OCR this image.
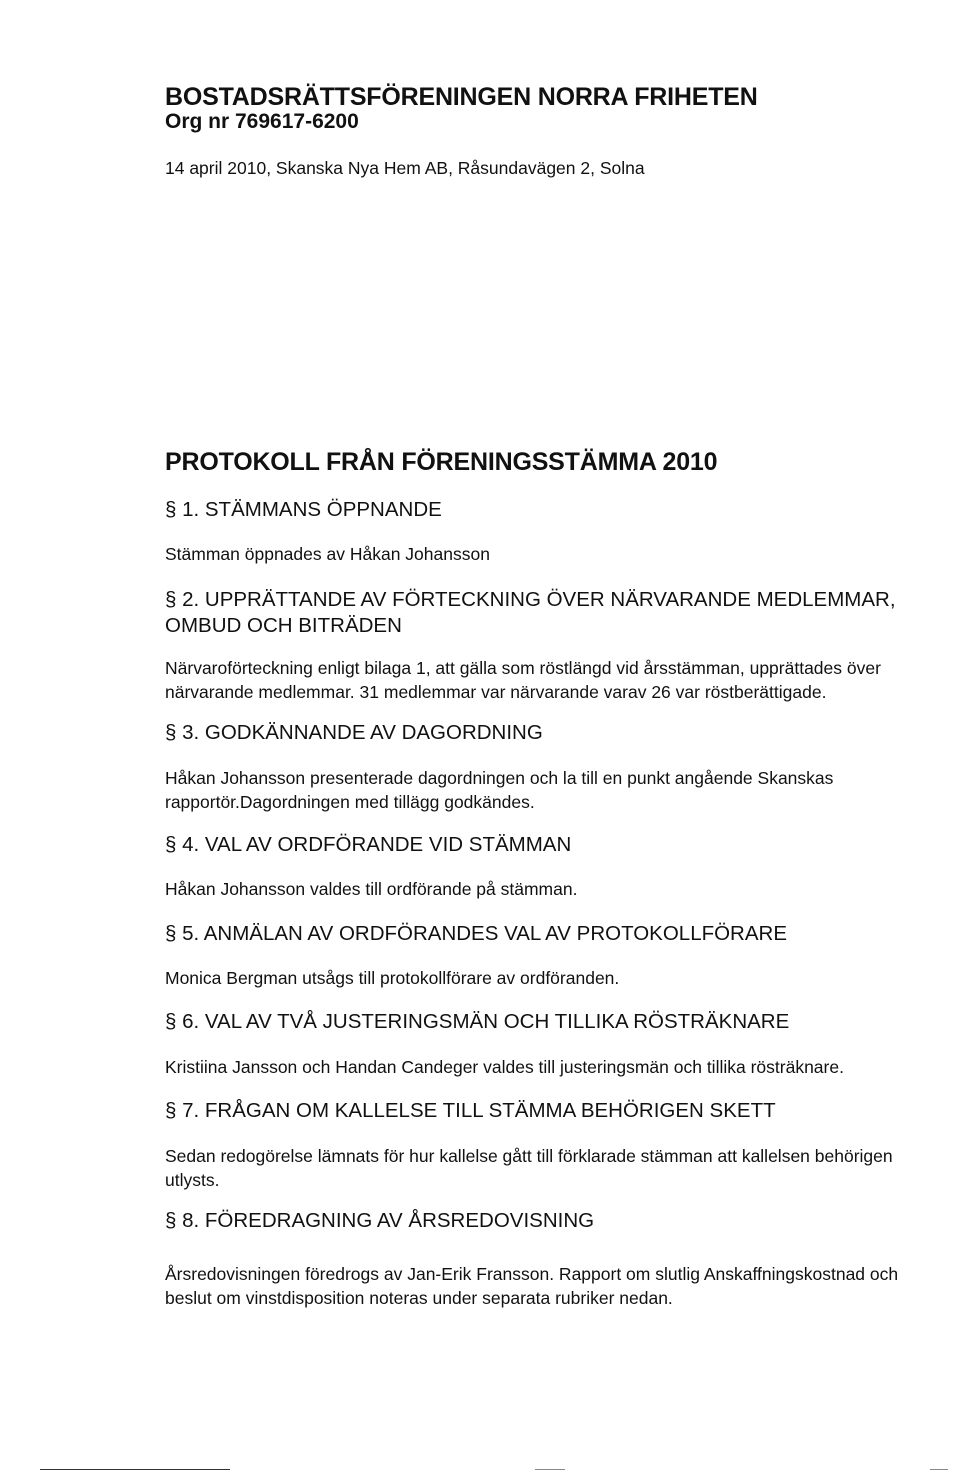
BOSTADSRÄTTSFÖRENINGEN NORRA FRIHETEN
Org nr 769617-6200
14 april 2010, Skanska Nya Hem AB, Råsundavägen 2, Solna
PROTOKOLL FRÅN FÖRENINGSSTÄMMA 2010
§ 1. STÄMMANS ÖPPNANDE
Stämman öppnades av Håkan Johansson
§ 2. UPPRÄTTANDE AV FÖRTECKNING ÖVER NÄRVARANDE MEDLEMMAR, OMBUD OCH BITRÄDEN
Närvaroförteckning enligt bilaga 1, att gälla som röstlängd vid årsstämman, upprättades över närvarande medlemmar. 31 medlemmar var närvarande varav 26 var röstberättigade.
§ 3. GODKÄNNANDE AV DAGORDNING
Håkan Johansson presenterade dagordningen och la till en punkt angående Skanskas rapportör.Dagordningen med tillägg godkändes.
§ 4. VAL AV ORDFÖRANDE VID STÄMMAN
Håkan Johansson valdes till ordförande på stämman.
§ 5. ANMÄLAN AV ORDFÖRANDES VAL AV PROTOKOLLFÖRARE
Monica Bergman utsågs till protokollförare av ordföranden.
§ 6. VAL AV TVÅ JUSTERINGSMÄN OCH TILLIKA RÖSTRÄKNARE
Kristiina Jansson och Handan Candeger valdes till justeringsmän och tillika rösträknare.
§ 7. FRÅGAN OM KALLELSE TILL STÄMMA BEHÖRIGEN SKETT
Sedan redogörelse lämnats för hur kallelse gått till förklarade stämman att kallelsen behörigen utlysts.
§ 8. FÖREDRAGNING AV ÅRSREDOVISNING
Årsredovisningen föredrogs av Jan-Erik Fransson. Rapport om slutlig Anskaffningskostnad och beslut om vinstdisposition noteras under separata rubriker nedan.
